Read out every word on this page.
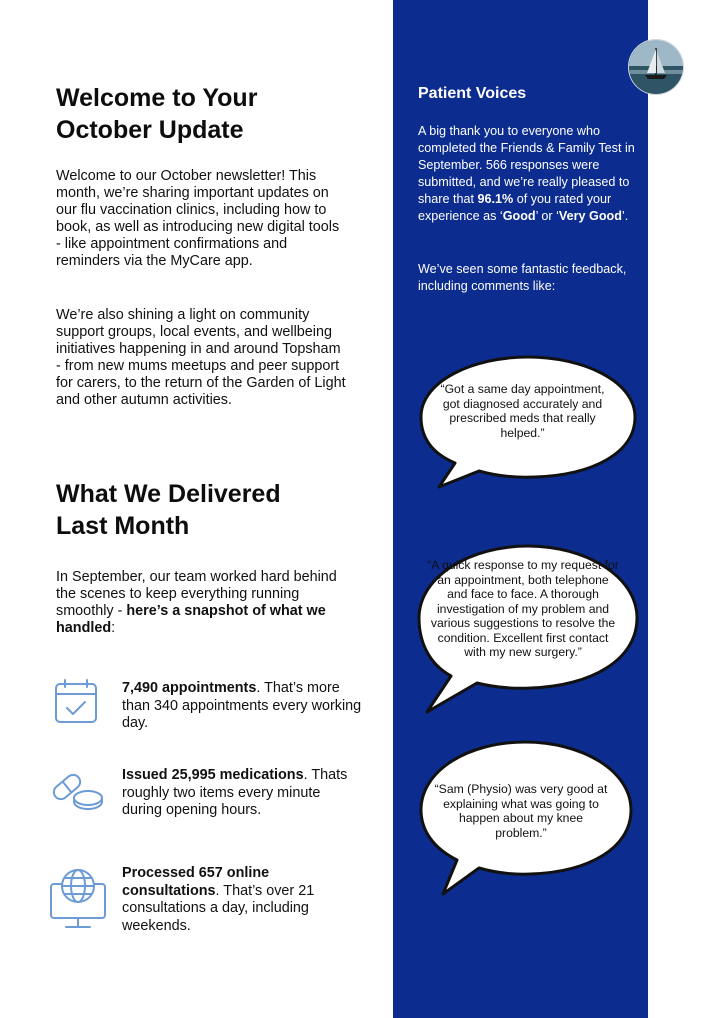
Welcome to Your
October Update

Welcome to our October newsletter! This month, we’re sharing important updates on our flu vaccination clinics, including how to book, as well as introducing new digital tools - like appointment confirmations and reminders via the MyCare app.

We’re also shining a light on community support groups, local events, and wellbeing initiatives happening in and around Topsham - from new mums meetups and peer support for carers, to the return of the Garden of Light and other autumn activities.

What We Delivered
Last Month

In September, our team worked hard behind the scenes to keep everything running smoothly - here’s a snapshot of what we handled:

7,490 appointments. That’s more than 340 appointments every working day.

Issued 25,995 medications. Thats roughly two items every minute during opening hours.

Processed 657 online consultations. That’s over 21 consultations a day, including weekends.

Patient Voices

A big thank you to everyone who completed the Friends & Family Test in September. 566 responses were submitted, and we’re really pleased to share that 96.1% of you rated your experience as ‘Good’ or ‘Very Good’.

We’ve seen some fantastic feedback, including comments like:

“Got a same day appointment, got diagnosed accurately and prescribed meds that really helped.”

“A quick response to my request for an appointment, both telephone and face to face. A thorough investigation of my problem and various suggestions to resolve the condition. Excellent first contact with my new surgery.”

“Sam (Physio) was very good at explaining what was going to happen about my knee problem.”
